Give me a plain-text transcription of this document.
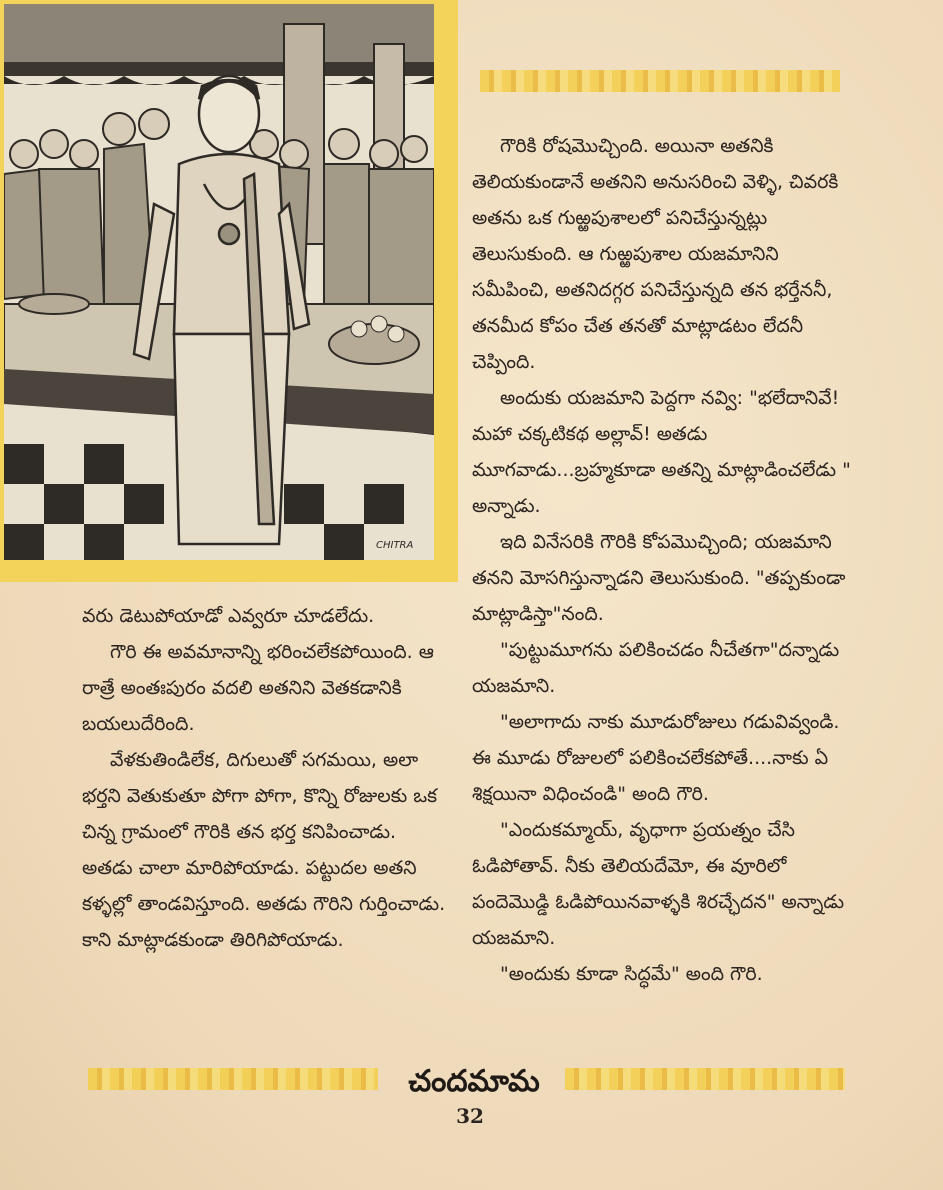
CHITRA

గౌరికి రోషమొచ్చింది. అయినా అతనికి తెలియకుండానే అతనిని అనుసరించి వెళ్ళి, చివరకి అతను ఒక గుఱ్ఱపుశాలలో పనిచేస్తున్నట్లు తెలుసుకుంది. ఆ గుఱ్ఱపుశాల యజమానిని సమీపించి, అతనిదగ్గర పనిచేస్తున్నది తన భర్తేననీ, తనమీద కోపం చేత తనతో మాట్లాడటం లేదనీ చెప్పింది.

అందుకు యజమాని పెద్దగా నవ్వి: "భలేదానివే! మహా చక్కటికథ అల్లావ్! అతడు మూగవాడు...బ్రహ్మకూడా అతన్ని మాట్లాడించలేడు " అన్నాడు.

ఇది వినేసరికి గౌరికి కోపమొచ్చింది; యజమాని తనని మోసగిస్తున్నాడని తెలుసుకుంది. "తప్పకుండా మాట్లాడిస్తా"నంది.

"పుట్టుమూగను పలికించడం నీచేతగా"దన్నాడు యజమాని.

"అలాగాదు నాకు మూడురోజులు గడువివ్వండి. ఈ మూడు రోజులలో పలికించలేకపోతే....నాకు ఏ శిక్షయినా విధించండి" అంది గౌరి.

"ఎందుకమ్మాయ్, వృధాగా ప్రయత్నం చేసి ఓడిపోతావ్. నీకు తెలియదేమో, ఈ వూరిలో పందెమొడ్డి ఓడిపోయినవాళ్ళకి శిరచ్ఛేదన" అన్నాడు యజమాని.

"అందుకు కూడా సిద్ధమే" అంది గౌరి.

వరు డెటుపోయాడో ఎవ్వరూ చూడలేదు.

గౌరి ఈ అవమానాన్ని భరించలేకపోయింది. ఆ రాత్రే అంతఃపురం వదలి అతనిని వెతకడానికి బయలుదేరింది.

వేళకుతిండిలేక, దిగులుతో సగమయి, అలా భర్తని వెతుకుతూ పోగా పోగా, కొన్ని రోజులకు ఒక చిన్న గ్రామంలో గౌరికి తన భర్త కనిపించాడు. అతడు చాలా మారిపోయాడు. పట్టుదల అతని కళ్ళల్లో తాండవిస్తూంది. అతడు గౌరిని గుర్తించాడు. కాని మాట్లాడకుండా తిరిగిపోయాడు.

చందమామ
32
